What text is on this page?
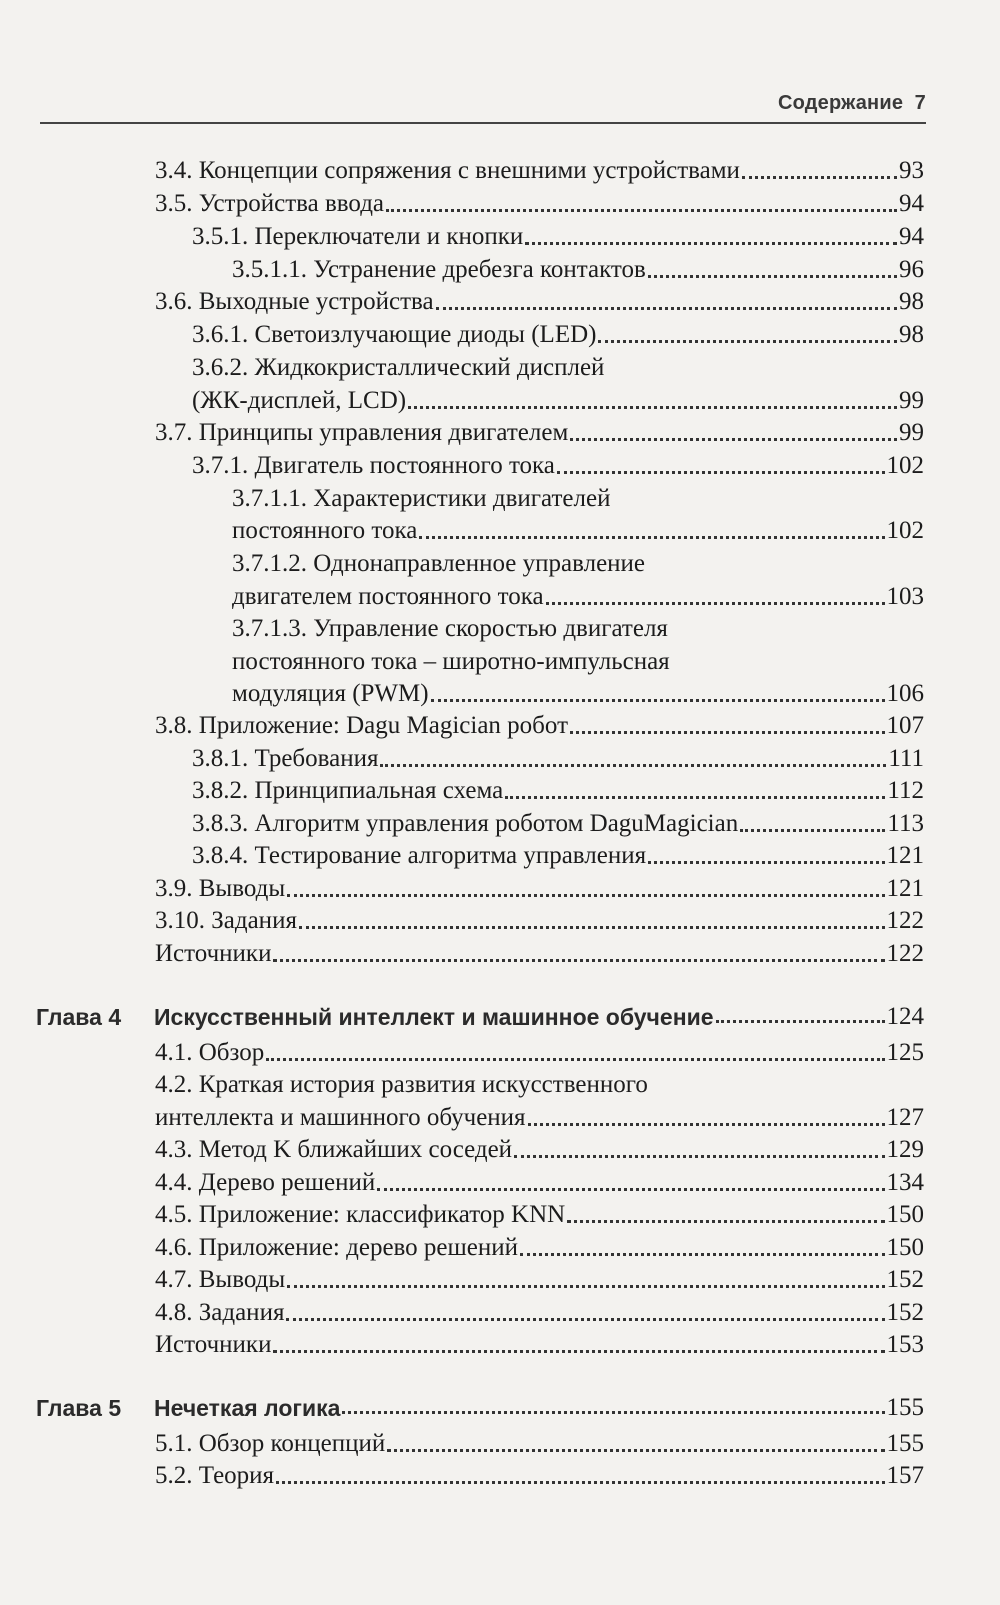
Содержание  7
3.4. Концепции сопряжения с внешними устройствами	93
3.5. Устройства ввода	94
3.5.1. Переключатели и кнопки	94
3.5.1.1. Устранение дребезга контактов	96
3.6. Выходные устройства	98
3.6.1. Светоизлучающие диоды (LED)	98
3.6.2. Жидкокристаллический дисплей
(ЖК-дисплей, LCD)	99
3.7. Принципы управления двигателем	99
3.7.1. Двигатель постоянного тока	102
3.7.1.1. Характеристики двигателей
постоянного тока	102
3.7.1.2. Однонаправленное управление
двигателем постоянного тока	103
3.7.1.3. Управление скоростью двигателя
постоянного тока – широтно-импульсная
модуляция (PWM)	106
3.8. Приложение: Dagu Magician робот	107
3.8.1. Требования	111
3.8.2. Принципиальная схема	112
3.8.3. Алгоритм управления роботом DaguMagician	113
3.8.4. Тестирование алгоритма управления	121
3.9. Выводы	121
3.10. Задания	122
Источники	122
Глава 4	Искусственный интеллект и машинное обучение	124
4.1. Обзор	125
4.2. Краткая история развития искусственного
интеллекта и машинного обучения	127
4.3. Метод K ближайших соседей	129
4.4. Дерево решений	134
4.5. Приложение: классификатор KNN	150
4.6. Приложение: дерево решений	150
4.7. Выводы	152
4.8. Задания	152
Источники	153
Глава 5	Нечеткая логика	155
5.1. Обзор концепций	155
5.2. Теория	157
